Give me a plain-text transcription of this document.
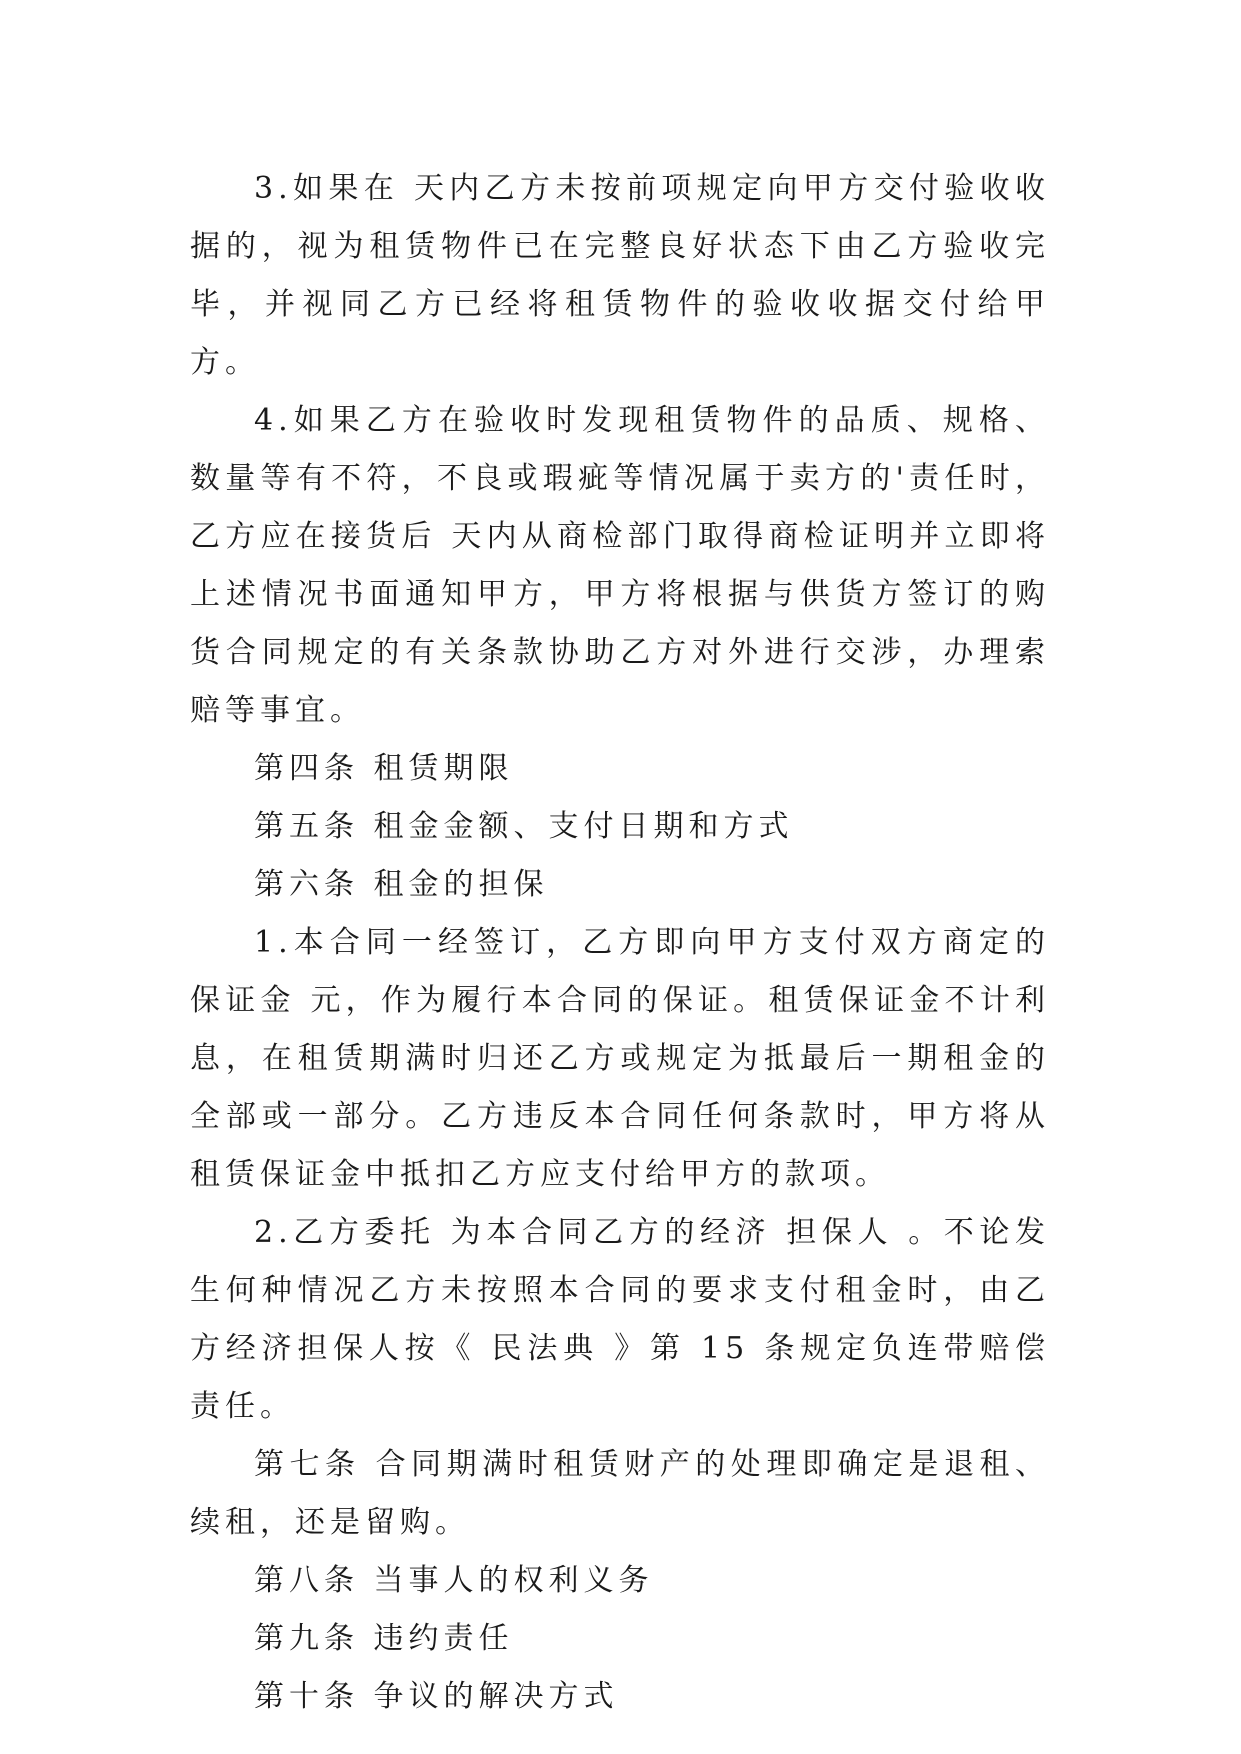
3.如果在 天内乙方未按前项规定向甲方交付验收收据的，视为租赁物件已在完整良好状态下由乙方验收完毕，并视同乙方已经将租赁物件的验收收据交付给甲方。

4.如果乙方在验收时发现租赁物件的品质、规格、数量等有不符，不良或瑕疵等情况属于卖方的'责任时，乙方应在接货后 天内从商检部门取得商检证明并立即将上述情况书面通知甲方，甲方将根据与供货方签订的购货合同规定的有关条款协助乙方对外进行交涉，办理索赔等事宜。

第四条 租赁期限

第五条 租金金额、支付日期和方式

第六条 租金的担保

1.本合同一经签订，乙方即向甲方支付双方商定的 保证金 元，作为履行本合同的保证。租赁保证金不计利息，在租赁期满时归还乙方或规定为抵最后一期租金的全部或一部分。乙方违反本合同任何条款时，甲方将从租赁保证金中抵扣乙方应支付给甲方的款项。

2.乙方委托 为本合同乙方的经济 担保人 。不论发生何种情况乙方未按照本合同的要求支付租金时，由乙方经济担保人按《 民法典 》第 15 条规定负连带赔偿责任。

第七条 合同期满时租赁财产的处理即确定是退租、续租，还是留购。

第八条 当事人的权利义务

第九条 违约责任

第十条 争议的解决方式
